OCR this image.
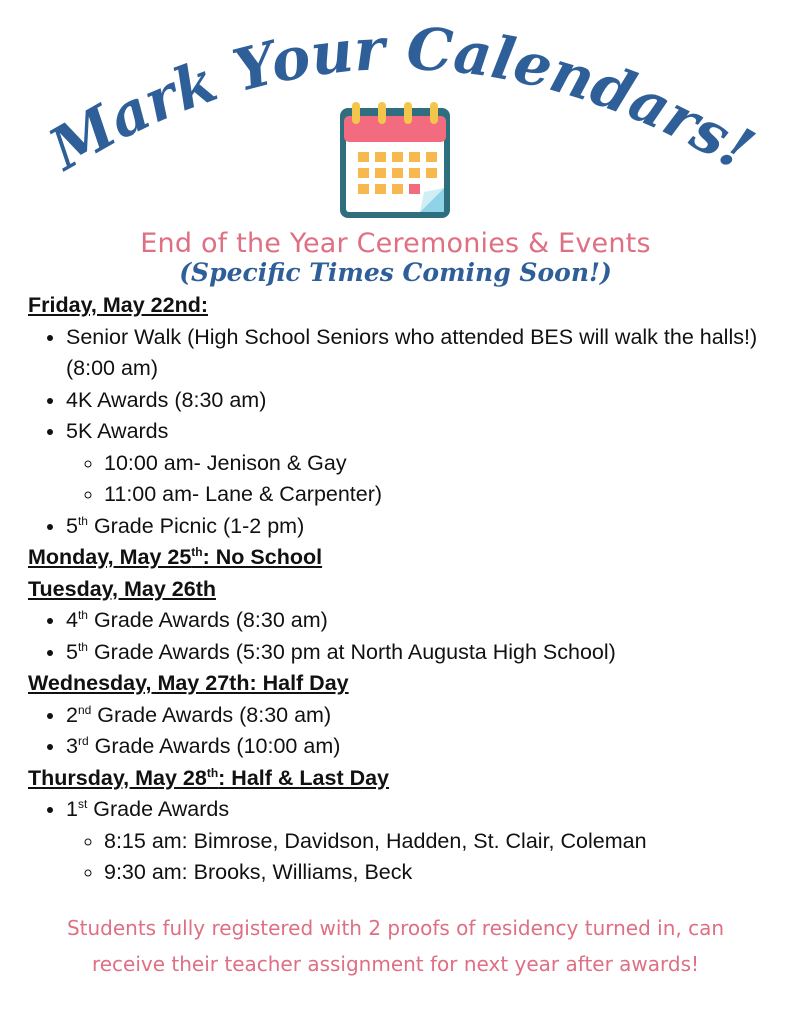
Mark Your Calendars!
End of the Year Ceremonies & Events
(Specific Times Coming Soon!)
Friday, May 22nd:
• Senior Walk (High School Seniors who attended BES will walk the halls!) (8:00 am)
• 4K Awards (8:30 am)
• 5K Awards
◦ 10:00 am- Jenison & Gay
◦ 11:00 am- Lane & Carpenter)
• 5th Grade Picnic (1-2 pm)
Monday, May 25th: No School
Tuesday, May 26th
• 4th Grade Awards (8:30 am)
• 5th Grade Awards (5:30 pm at North Augusta High School)
Wednesday, May 27th: Half Day
• 2nd Grade Awards (8:30 am)
• 3rd Grade Awards (10:00 am)
Thursday, May 28th: Half & Last Day
• 1st Grade Awards
◦ 8:15 am: Bimrose, Davidson, Hadden, St. Clair, Coleman
◦ 9:30 am: Brooks, Williams, Beck
Students fully registered with 2 proofs of residency turned in, can
receive their teacher assignment for next year after awards!
